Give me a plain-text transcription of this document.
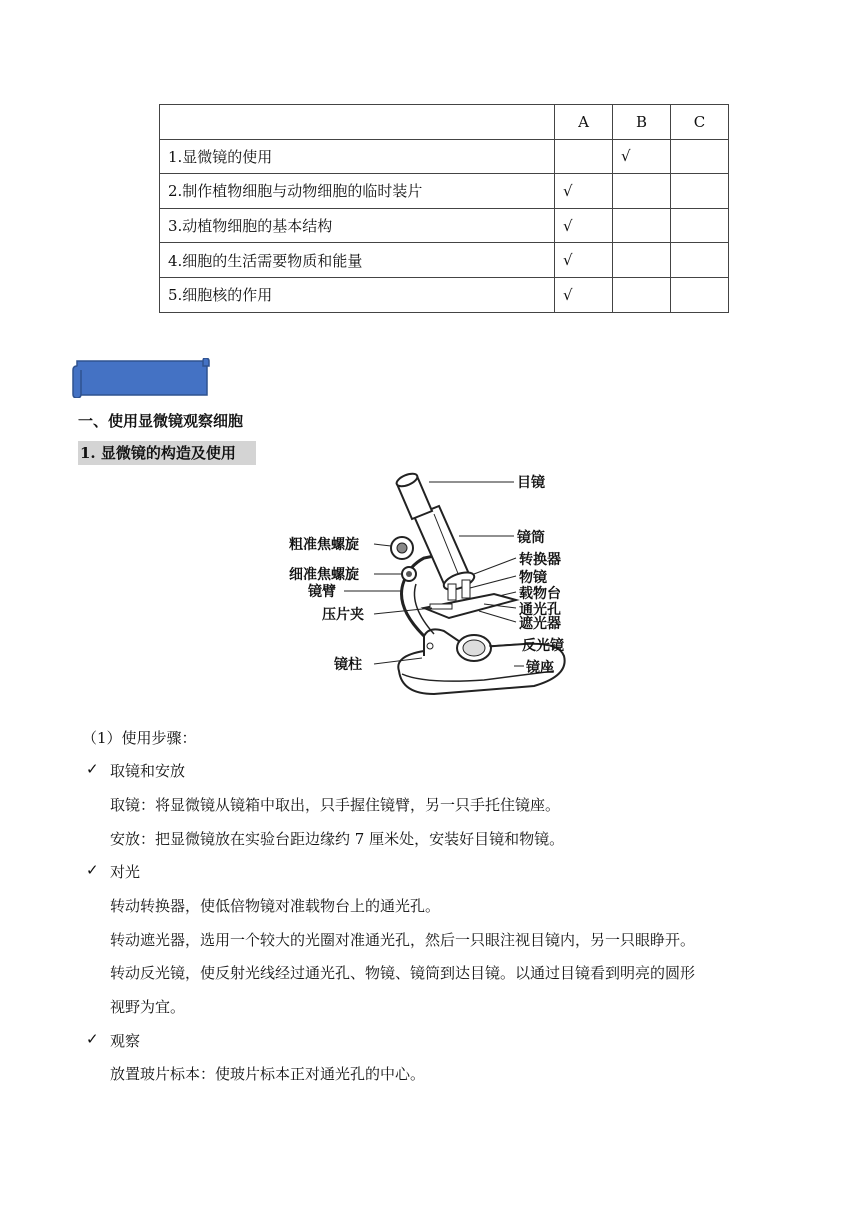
	A	B	C
1.显微镜的使用		√	
2.制作植物细胞与动物细胞的临时装片	√		
3.动植物细胞的基本结构	√		
4.细胞的生活需要物质和能量	√		
5.细胞核的作用	√		
一、使用显微镜观察细胞
1. 显微镜的构造及使用
粗准焦螺旋
细准焦螺旋
镜臂
压片夹
镜柱
目镜
镜筒
转换器
物镜
载物台
通光孔
遮光器
反光镜
镜座
（1）使用步骤：
✓ 取镜和安放
取镜：将显微镜从镜箱中取出，只手握住镜臂，另一只手托住镜座。
安放：把显微镜放在实验台距边缘约 7 厘米处，安装好目镜和物镜。
✓ 对光
转动转换器，使低倍物镜对准载物台上的通光孔。
转动遮光器，选用一个较大的光圈对准通光孔，然后一只眼注视目镜内，另一只眼睁开。
转动反光镜，使反射光线经过通光孔、物镜、镜筒到达目镜。以通过目镜看到明亮的圆形
视野为宜。
✓ 观察
放置玻片标本：使玻片标本正对通光孔的中心。
